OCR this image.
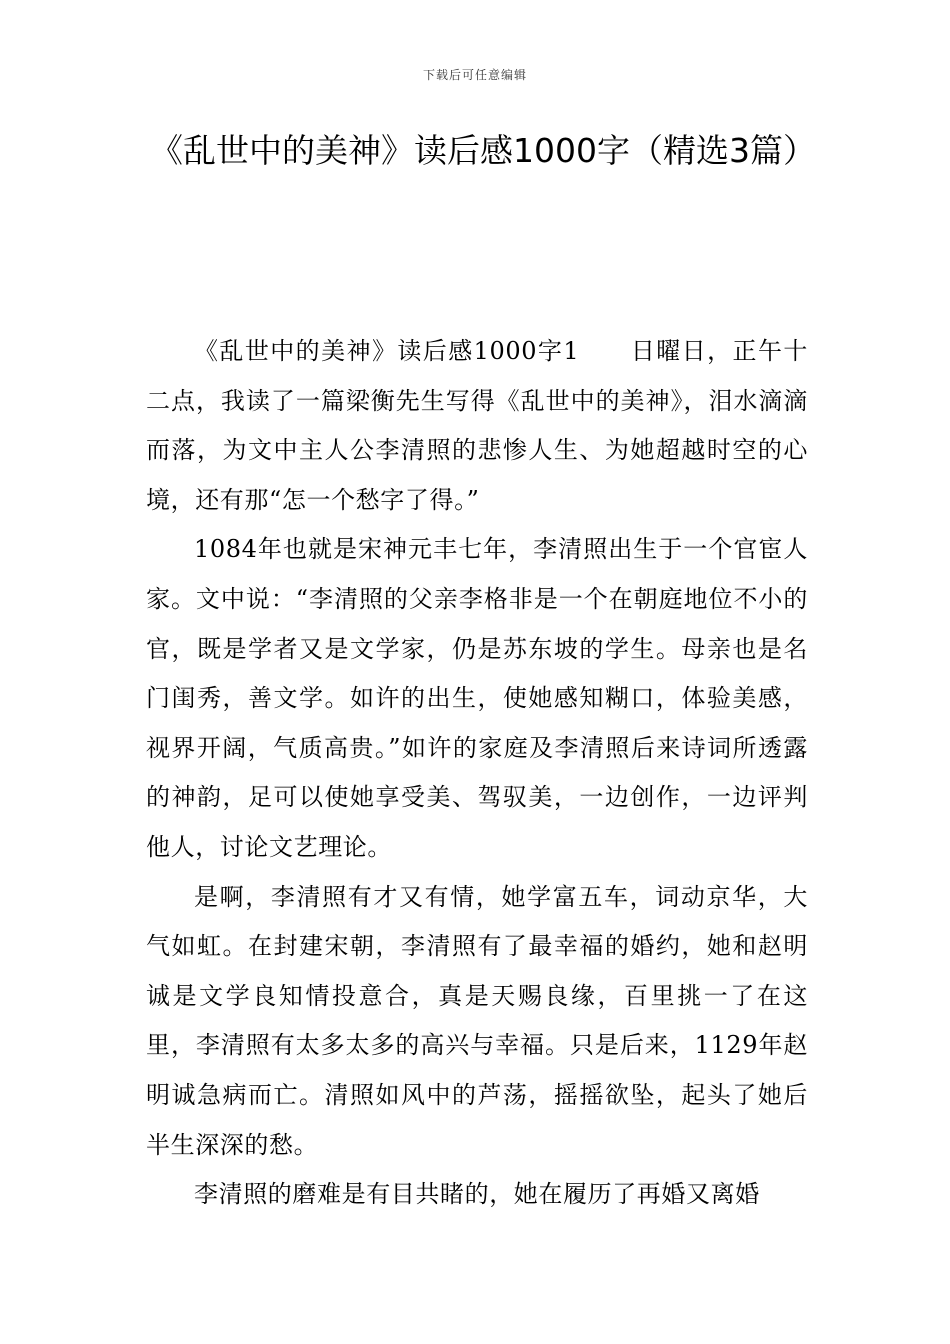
下载后可任意编辑
《乱世中的美神》读后感1000字（精选3篇）

《乱世中的美神》读后感1000字1　　日曜日，正午十二点，我读了一篇梁衡先生写得《乱世中的美神》，泪水滴滴而落，为文中主人公李清照的悲惨人生、为她超越时空的心境，还有那“怎一个愁字了得。”

1084年也就是宋神元丰七年，李清照出生于一个官宦人家。文中说：“李清照的父亲李格非是一个在朝庭地位不小的官，既是学者又是文学家，仍是苏东坡的学生。母亲也是名门闺秀，善文学。如许的出生，使她感知糊口，体验美感，视界开阔，气质高贵。”如许的家庭及李清照后来诗词所透露的神韵，足可以使她享受美、驾驭美，一边创作，一边评判他人，讨论文艺理论。

是啊，李清照有才又有情，她学富五车，词动京华，大气如虹。在封建宋朝，李清照有了最幸福的婚约，她和赵明诚是文学良知情投意合，真是天赐良缘，百里挑一了在这里，李清照有太多太多的高兴与幸福。只是后来，1129年赵明诚急病而亡。清照如风中的芦荡，摇摇欲坠，起头了她后半生深深的愁。

李清照的磨难是有目共睹的，她在履历了再婚又离婚
